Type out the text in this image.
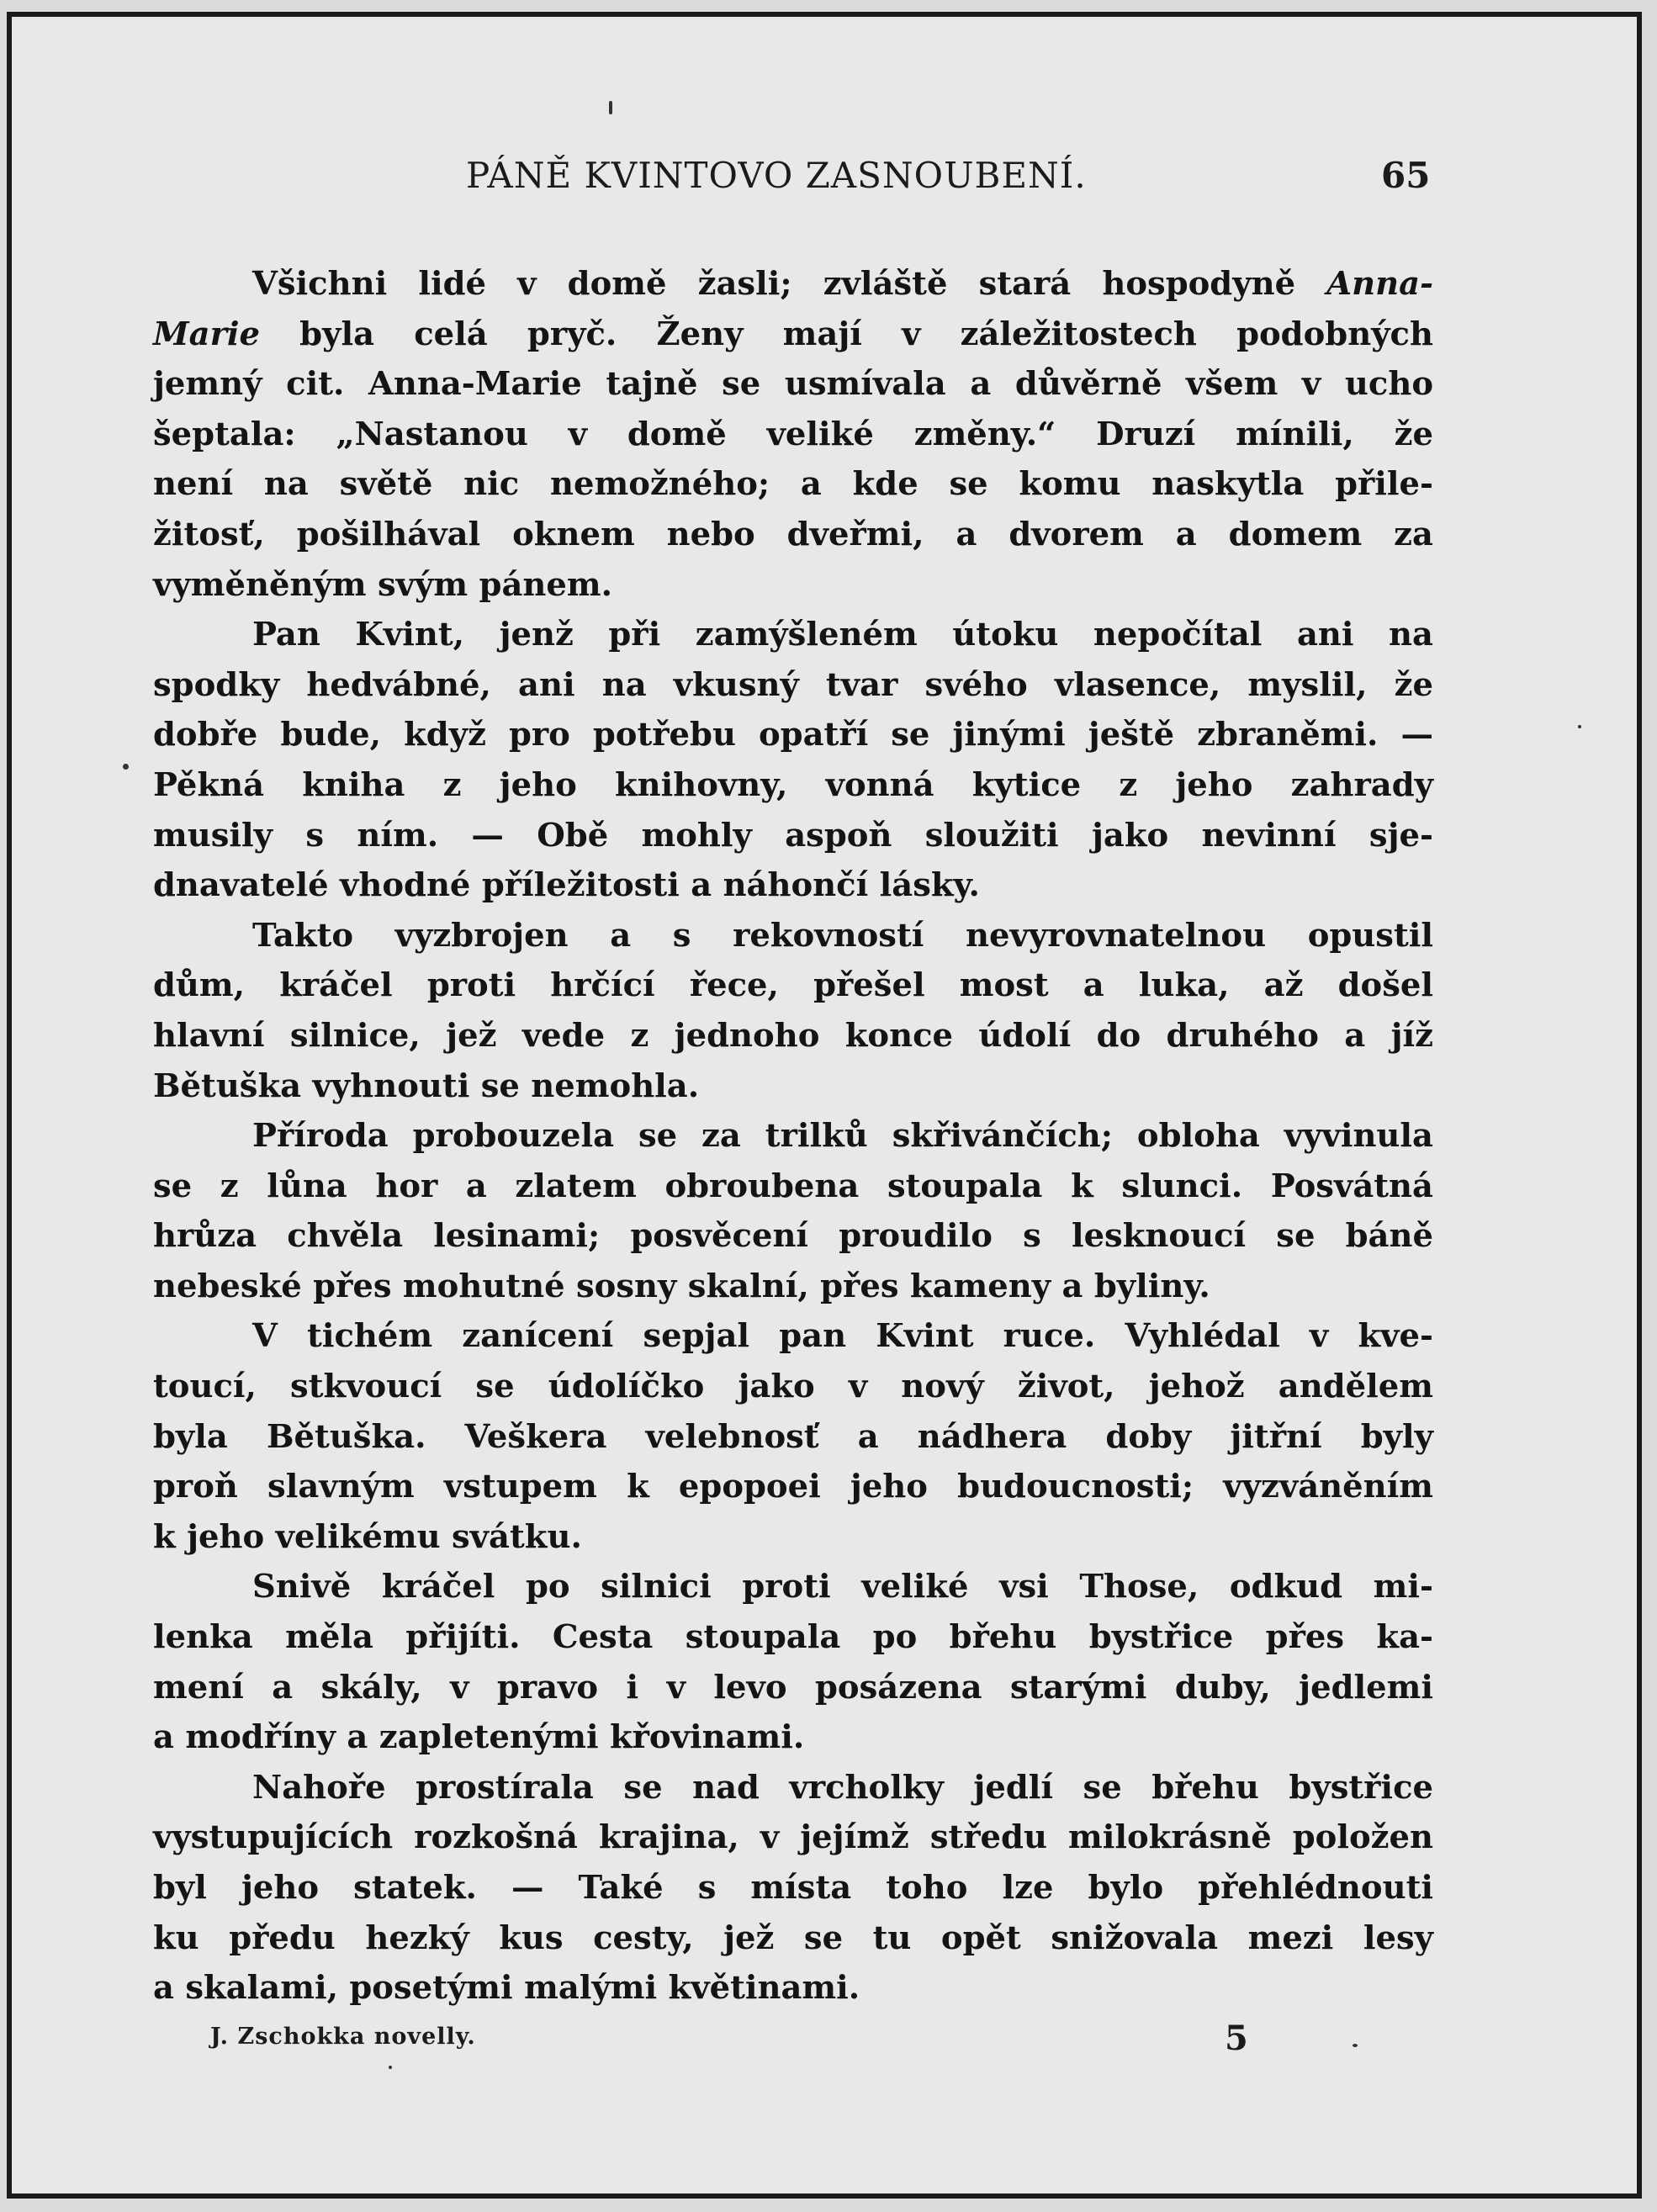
PÁNĚ KVINTOVO ZASNOUBENÍ.	65
Všichni lidé v domě žasli; zvláště stará hospodyně Anna-
Marie byla celá pryč. Ženy mají v záležitostech podobných
jemný cit. Anna-Marie tajně se usmívala a důvěrně všem v ucho
šeptala: „Nastanou v domě veliké změny.“ Druzí mínili, že
není na světě nic nemožného; a kde se komu naskytla přile-
žitosť, pošilhával oknem nebo dveřmi, a dvorem a domem za
vyměněným svým pánem.
Pan Kvint, jenž při zamýšleném útoku nepočítal ani na
spodky hedvábné, ani na vkusný tvar svého vlasence, myslil, že
dobře bude, když pro potřebu opatří se jinými ještě zbraněmi. —
Pěkná kniha z jeho knihovny, vonná kytice z jeho zahrady
musily s ním. — Obě mohly aspoň sloužiti jako nevinní sje-
dnavatelé vhodné příležitosti a náhončí lásky.
Takto vyzbrojen a s rekovností nevyrovnatelnou opustil
dům, kráčel proti hrčící řece, přešel most a luka, až došel
hlavní silnice, jež vede z jednoho konce údolí do druhého a jíž
Bětuška vyhnouti se nemohla.
Příroda probouzela se za trilků skřivánčích; obloha vyvinula
se z lůna hor a zlatem obroubena stoupala k slunci. Posvátná
hrůza chvěla lesinami; posvěcení proudilo s lesknoucí se báně
nebeské přes mohutné sosny skalní, přes kameny a byliny.
V tichém zanícení sepjal pan Kvint ruce. Vyhlédal v kve-
toucí, stkvoucí se údolíčko jako v nový život, jehož andělem
byla Bětuška. Veškera velebnosť a nádhera doby jitřní byly
proň slavným vstupem k epopoei jeho budoucnosti; vyzváněním
k jeho velikému svátku.
Snivě kráčel po silnici proti veliké vsi Those, odkud mi-
lenka měla přijíti. Cesta stoupala po břehu bystřice přes ka-
mení a skály, v pravo i v levo posázena starými duby, jedlemi
a modříny a zapletenými křovinami.
Nahoře prostírala se nad vrcholky jedlí se břehu bystřice
vystupujících rozkošná krajina, v jejímž středu milokrásně položen
byl jeho statek. — Také s místa toho lze bylo přehlédnouti
ku předu hezký kus cesty, jež se tu opět snižovala mezi lesy
a skalami, posetými malými květinami.
J. Zschokka novelly.	5
